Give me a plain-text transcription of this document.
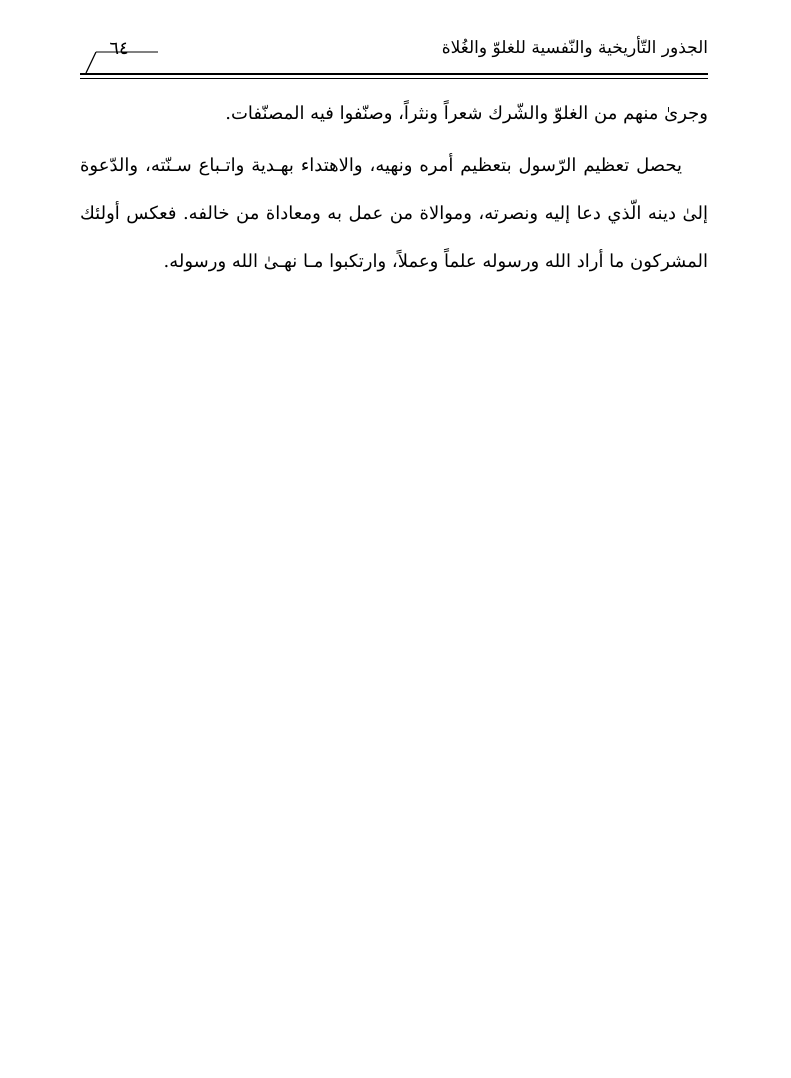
الجذور التّأريخية والنّفسية للغلوّ والغُلاة
٦٤

وجرىٰ منهم من الغلوّ والشّرك شعراً ونثراً، وصنّفوا فيه المصنّفات.

يحصل تعظيم الرّسول بتعظيم أمره ونهيه، والاهتداء بهـدية واتـباع سـنّته، والدّعوة إلىٰ دينه الّذي دعا إليه ونصرته، وموالاة من عمل به ومعاداة من خالفه. فعكس أولئك المشركون ما أراد الله ورسوله علماً وعملاً، وارتكبوا مـا نهـىٰ الله ورسوله.
